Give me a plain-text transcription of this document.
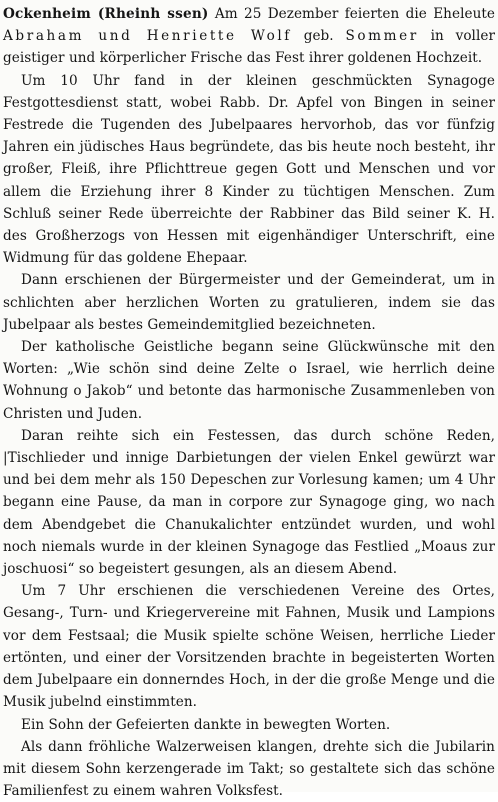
Ockenheim (Rheinh ssen) Am 25 Dezember feierten die Eheleute Abraham und Henriette Wolf geb. Sommer in voller geistiger und körperlicher Frische das Fest ihrer goldenen Hochzeit.

Um 10 Uhr fand in der kleinen geschmückten Synagoge Festgottesdienst statt, wobei Rabb. Dr. Apfel von Bingen in seiner Festrede die Tugenden des Jubelpaares hervorhob, das vor fünfzig Jahren ein jüdisches Haus begründete, das bis heute noch besteht, ihr großer, Fleiß, ihre Pflichttreue gegen Gott und Menschen und vor allem die Erziehung ihrer 8 Kinder zu tüchtigen Menschen. Zum Schluß seiner Rede überreichte der Rabbiner das Bild seiner K. H. des Großherzogs von Hessen mit eigenhändiger Unterschrift, eine Widmung für das goldene Ehepaar.

Dann erschienen der Bürgermeister und der Gemeinderat, um in schlichten aber herzlichen Worten zu gratulieren, indem sie das Jubelpaar als bestes Gemeindemitglied bezeichneten.

Der katholische Geistliche begann seine Glückwünsche mit den Worten: „Wie schön sind deine Zelte o Israel, wie herrlich deine Wohnung o Jakob“ und betonte das harmonische Zusammenleben von Christen und Juden.

Daran reihte sich ein Festessen, das durch schöne Reden, |Tischlieder und innige Darbietungen der vielen Enkel gewürzt war und bei dem mehr als 150 Depeschen zur Vorlesung kamen; um 4 Uhr begann eine Pause, da man in corpore zur Synagoge ging, wo nach dem Abendgebet die Chanukalichter entzündet wurden, und wohl noch niemals wurde in der kleinen Synagoge das Festlied „Moaus zur joschuosi“ so begeistert gesungen, als an diesem Abend.

Um 7 Uhr erschienen die verschiedenen Vereine des Ortes, Gesang-, Turn- und Kriegervereine mit Fahnen, Musik und Lampions vor dem Festsaal; die Musik spielte schöne Weisen, herrliche Lieder ertönten, und einer der Vorsitzenden brachte in begeisterten Worten dem Jubelpaare ein donnerndes Hoch, in der die große Menge und die Musik jubelnd einstimmten.

Ein Sohn der Gefeierten dankte in bewegten Worten.

Als dann fröhliche Walzerweisen klangen, drehte sich die Jubilarin mit diesem Sohn kerzengerade im Takt; so gestaltete sich das schöne Familienfest zu einem wahren Volksfest.
